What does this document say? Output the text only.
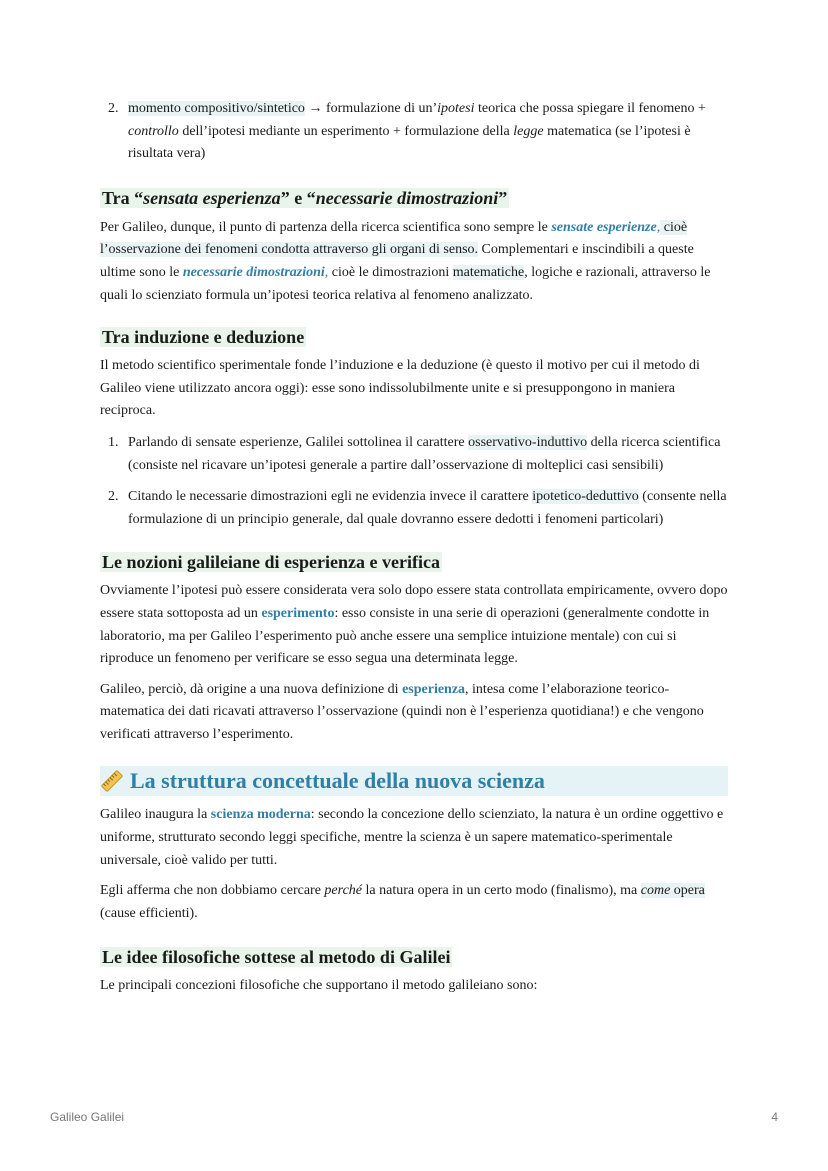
2. momento compositivo/sintetico → formulazione di un’ipotesi teorica che possa spiegare il fenomeno + controllo dell’ipotesi mediante un esperimento + formulazione della legge matematica (se l’ipotesi è risultata vera)
Tra “sensata esperienza” e “necessarie dimostrazioni”

Per Galileo, dunque, il punto di partenza della ricerca scientifica sono sempre le sensate esperienze, cioè l’osservazione dei fenomeni condotta attraverso gli organi di senso. Complementari e inscindibili a queste ultime sono le necessarie dimostrazioni, cioè le dimostrazioni matematiche, logiche e razionali, attraverso le quali lo scienziato formula un’ipotesi teorica relativa al fenomeno analizzato.

Tra induzione e deduzione

Il metodo scientifico sperimentale fonde l’induzione e la deduzione (è questo il motivo per cui il metodo di Galileo viene utilizzato ancora oggi): esse sono indissolubilmente unite e si presuppongono in maniera reciproca.

1. Parlando di sensate esperienze, Galilei sottolinea il carattere osservativo-induttivo della ricerca scientifica (consiste nel ricavare un’ipotesi generale a partire dall’osservazione di molteplici casi sensibili)
2. Citando le necessarie dimostrazioni egli ne evidenzia invece il carattere ipotetico-deduttivo (consente nella formulazione di un principio generale, dal quale dovranno essere dedotti i fenomeni particolari)
Le nozioni galileiane di esperienza e verifica

Ovviamente l’ipotesi può essere considerata vera solo dopo essere stata controllata empiricamente, ovvero dopo essere stata sottoposta ad un esperimento: esso consiste in una serie di operazioni (generalmente condotte in laboratorio, ma per Galileo l’esperimento può anche essere una semplice intuizione mentale) con cui si riproduce un fenomeno per verificare se esso segua una determinata legge.

Galileo, perciò, dà origine a una nuova definizione di esperienza, intesa come l’elaborazione teorico-matematica dei dati ricavati attraverso l’osservazione (quindi non è l’esperienza quotidiana!) e che vengono verificati attraverso l’esperimento.

La struttura concettuale della nuova scienza

Galileo inaugura la scienza moderna: secondo la concezione dello scienziato, la natura è un ordine oggettivo e uniforme, strutturato secondo leggi specifiche, mentre la scienza è un sapere matematico-sperimentale universale, cioè valido per tutti.

Egli afferma che non dobbiamo cercare perché la natura opera in un certo modo (finalismo), ma come opera (cause efficienti).

Le idee filosofiche sottese al metodo di Galilei

Le principali concezioni filosofiche che supportano il metodo galileiano sono:

Galileo Galilei	4
